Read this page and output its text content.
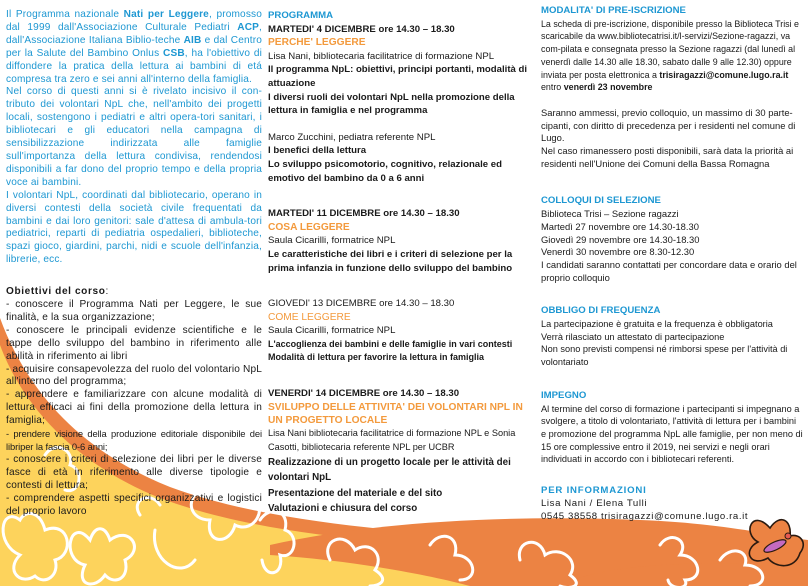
Il Programma nazionale Nati per Leggere, promosso dal 1999 dall'Associazione Culturale Pediatri ACP, dall'Associazione Italiana Biblio-teche AIB e dal Centro per la Salute del Bambino Onlus CSB, ha l'obiettivo di diffondere la pratica della lettura ai bambini di etá compresa tra zero e sei anni all'interno della famiglia.

Nel corso di questi anni si è rivelato incisivo il con-tributo dei volontari NpL che, nell'ambito dei progetti locali, sostengono i pediatri e altri opera-tori sanitari, i bibliotecari e gli educatori nella campagna di sensibilizzazione indirizzata alle famiglie sull'importanza della lettura condivisa, rendendosi disponibili a far dono del proprio tempo e della propria voce ai bambini.

I volontari NpL, coordinati dal bibliotecario, operano in diversi contesti della società civile frequentati da bambini e dai loro genitori: sale d'attesa di ambula-tori pediatrici, reparti di pediatria ospedalieri, biblioteche, spazi gioco, giardini, parchi, nidi e scuole dell'infanzia, librerie, ecc.

Obiettivi del corso:

- conoscere il Programma Nati per Leggere, le sue finalità, e la sua organizzazione;

- conoscere le principali evidenze scientifiche e le tappe dello sviluppo del bambino in riferimento alle abilità in riferimento ai libri

- acquisire consapevolezza del ruolo del volontario NpL all'interno del programma;

- apprendere e familiarizzare con alcune modalità di lettura efficaci ai fini della promozione della lettura in famiglia;

- prendere visione della produzione editoriale disponibile dei libriper la fascia 0-6 anni;

- conoscere i criteri di selezione dei libri per le diverse fasce di età in riferimento alle diverse tipologie e contesti di lettura;

- comprendere aspetti specifici organizzativi e logistici del proprio lavoro

PROGRAMMA
MARTEDI' 4 DICEMBRE ore 14.30 – 18.30
PERCHE' LEGGERE
Lisa Nani, bibliotecaria facilitatrice di formazione NPL
Il programma NpL: obiettivi, principi portanti, modalità di attuazione
I diversi ruoli dei volontari NpL nella promozione della lettura in famiglia e nel programma
Marco Zucchini, pediatra referente NPL
I benefici della lettura
Lo sviluppo psicomotorio, cognitivo, relazionale ed emotivo del bambino da 0 a 6 anni
MARTEDI' 11 DICEMBRE ore 14.30 – 18.30
COSA LEGGERE
Saula Cicarilli, formatrice NPL
Le caratteristiche dei libri e i criteri di selezione per la prima infanzia in funzione dello sviluppo del bambino
GIOVEDI' 13 DICEMBRE ore 14.30 – 18.30
COME LEGGERE
Saula Cicarilli, formatrice NPL
L'accoglienza dei bambini e delle famiglie in vari contesti
Modalità di lettura per favorire la lettura in famiglia
VENERDI' 14 DICEMBRE ore 14.30 – 18.30
SVILUPPO DELLE ATTIVITA' DEI VOLONTARI NPL IN UN PROGETTO LOCALE
Lisa Nani bibliotecaria facilitatrice di formazione NPL e Sonia Casotti, bibliotecaria referente NPL per UCBR
Realizzazione di un progetto locale per le attività dei volontari NpL
Presentazione del materiale e del sito
Valutazioni e chiusura del corso
MODALITA' DI PRE-ISCRIZIONE

La scheda di pre-iscrizione, disponibile presso la Biblioteca Trisi e scaricabile da www.bibliotecatrisi.it/l-servizi/Sezione-ragazzi, va com-pilata e consegnata presso la Sezione ragazzi (dal lunedì al venerdì dalle 14.30 alle 18.30, sabato dalle 9 alle 12.30) oppure inviata per posta elettronica a trisiragazzi@comune.lugo.ra.it entro venerdì 23 novembre

Saranno ammessi, previo colloquio, un massimo di 30 parte-cipanti, con diritto di precedenza per i residenti nel comune di Lugo.

Nel caso rimanessero posti disponibili, sarà data la priorità ai residenti nell'Unione dei Comuni della Bassa Romagna

COLLOQUI DI SELEZIONE
Biblioteca Trisi – Sezione ragazzi
Martedì 27 novembre ore 14.30-18.30
Giovedì 29 novembre ore 14.30-18.30
Venerdì 30 novembre ore 8.30-12.30
I candidati saranno contattati per concordare data e orario del proprio colloquio
OBBLIGO DI FREQUENZA
La partecipazione è gratuita e la frequenza è obbligatoria
Verrà rilasciato un attestato di partecipazione
Non sono previsti compensi né rimborsi spese per l'attività di volontariato
IMPEGNO

Al termine del corso di formazione i partecipanti si impegnano a svolgere, a titolo di volontariato, l'attività di lettura per i bambini e promozione del programma NpL alle famiglie, per non meno di 15 ore complessive entro il 2019, nei servizi e negli orari individuati in accordo con i bibliotecari referenti.

PER INFORMAZIONI
Lisa Nani / Elena Tulli
0545 38558 trisiragazzi@comune.lugo.ra.it
